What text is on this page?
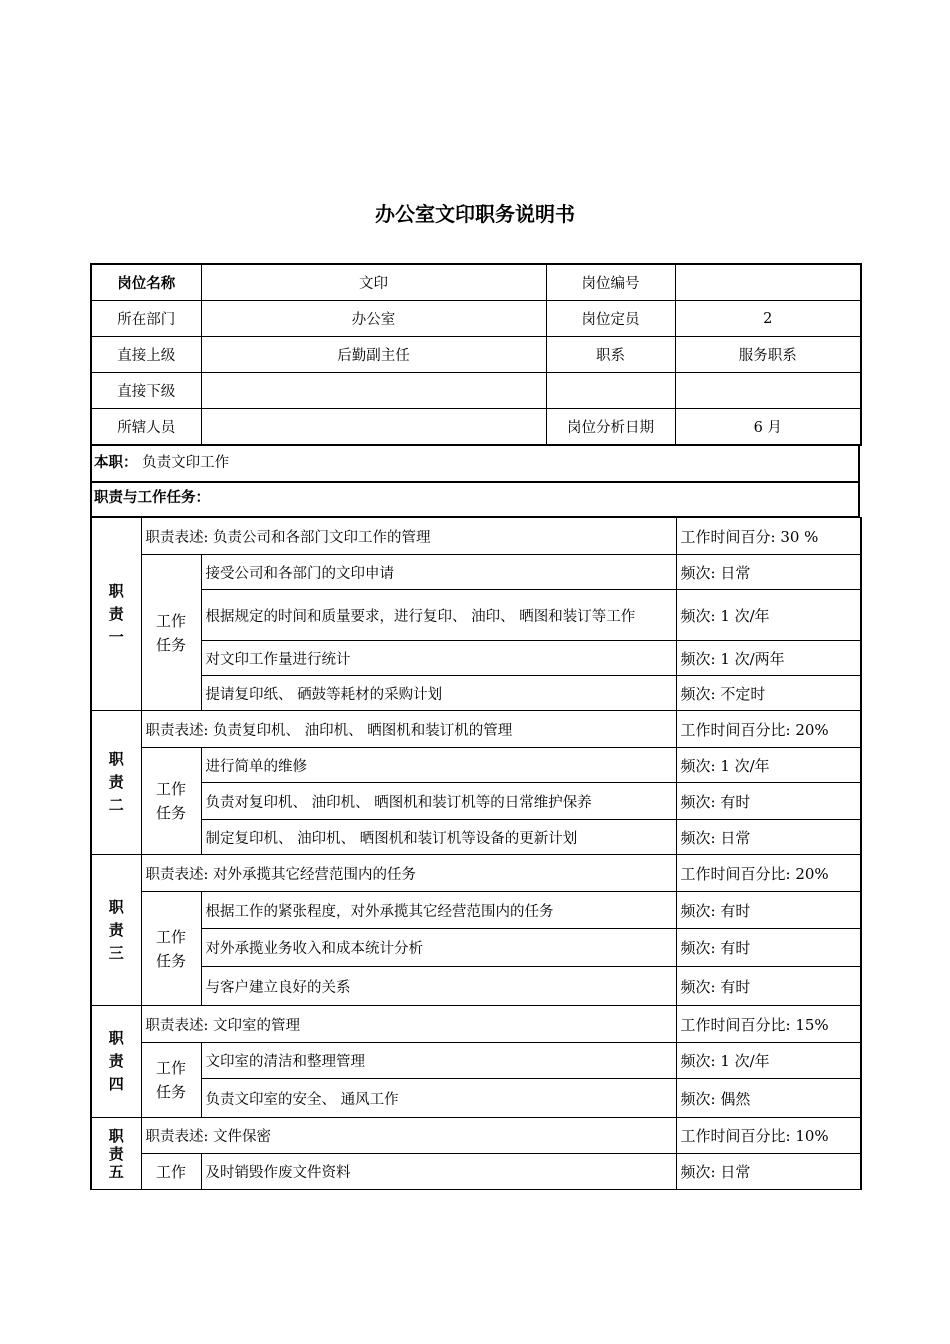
办公室文印职务说明书
岗位名称	文印	岗位编号	
所在部门	办公室	岗位定员	2
直接上级	后勤副主任	职系	服务职系
直接下级			
所辖人员		岗位分析日期	6 月
本职： 负责文印工作
职责与工作任务：
职
责
一	职责表述: 负责公司和各部门文印工作的管理		工作时间百分: 30 %
	工作任务	接受公司和各部门的文印申请	频次: 日常
		根据规定的时间和质量要求，进行复印、 油印、 晒图和装订等工作	频次: 1 次/年
		对文印工作量进行统计	频次: 1 次/两年
		提请复印纸、 硒鼓等耗材的采购计划	频次: 不定时

职
责
二	职责表述: 负责复印机、 油印机、 晒图机和装订机的管理		工作时间百分比: 20%
	工作任务	进行简单的维修	频次: 1 次/年
		负责对复印机、 油印机、 晒图机和装订机等的日常维护保养	频次: 有时
		制定复印机、 油印机、 晒图机和装订机等设备的更新计划	频次: 日常

职
责
三	职责表述: 对外承揽其它经营范围内的任务		工作时间百分比: 20%
	工作任务	根据工作的紧张程度，对外承揽其它经营范围内的任务	频次: 有时
		对外承揽业务收入和成本统计分析	频次: 有时
		与客户建立良好的关系	频次: 有时

职
责
四	职责表述: 文印室的管理		工作时间百分比: 15%
	工作任务	文印室的清洁和整理管理	频次: 1 次/年
		负责文印室的安全、 通风工作	频次: 偶然

职
责
五	职责表述: 文件保密		工作时间百分比: 10%
	工作	及时销毁作废文件资料	频次: 日常
